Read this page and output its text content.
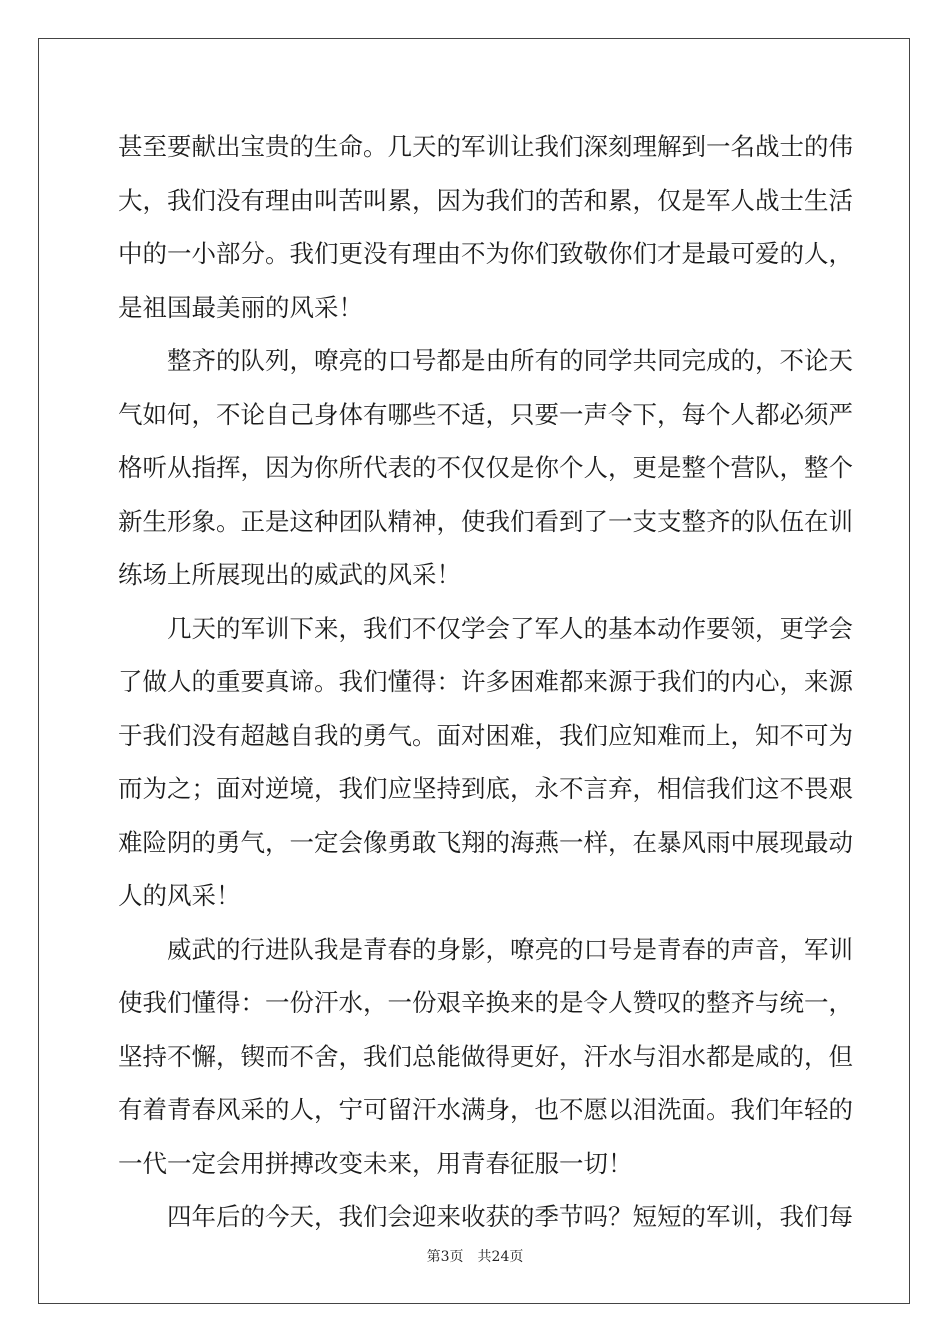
甚至要献出宝贵的生命。几天的军训让我们深刻理解到一名战士的伟
大，我们没有理由叫苦叫累，因为我们的苦和累，仅是军人战士生活
中的一小部分。我们更没有理由不为你们致敬你们才是最可爱的人，
是祖国最美丽的风采！
整齐的队列，嘹亮的口号都是由所有的同学共同完成的，不论天
气如何，不论自己身体有哪些不适，只要一声令下，每个人都必须严
格听从指挥，因为你所代表的不仅仅是你个人，更是整个营队，整个
新生形象。正是这种团队精神，使我们看到了一支支整齐的队伍在训
练场上所展现出的威武的风采！
几天的军训下来，我们不仅学会了军人的基本动作要领，更学会
了做人的重要真谛。我们懂得：许多困难都来源于我们的内心，来源
于我们没有超越自我的勇气。面对困难，我们应知难而上，知不可为
而为之；面对逆境，我们应坚持到底，永不言弃，相信我们这不畏艰
难险阴的勇气，一定会像勇敢飞翔的海燕一样，在暴风雨中展现最动
人的风采！
威武的行进队我是青春的身影，嘹亮的口号是青春的声音，军训
使我们懂得：一份汗水，一份艰辛换来的是令人赞叹的整齐与统一，
坚持不懈，锲而不舍，我们总能做得更好，汗水与泪水都是咸的，但
有着青春风采的人，宁可留汗水满身，也不愿以泪洗面。我们年轻的
一代一定会用拼搏改变未来，用青春征服一切！
四年后的今天，我们会迎来收获的季节吗？短短的军训，我们每
第3页 共24页
